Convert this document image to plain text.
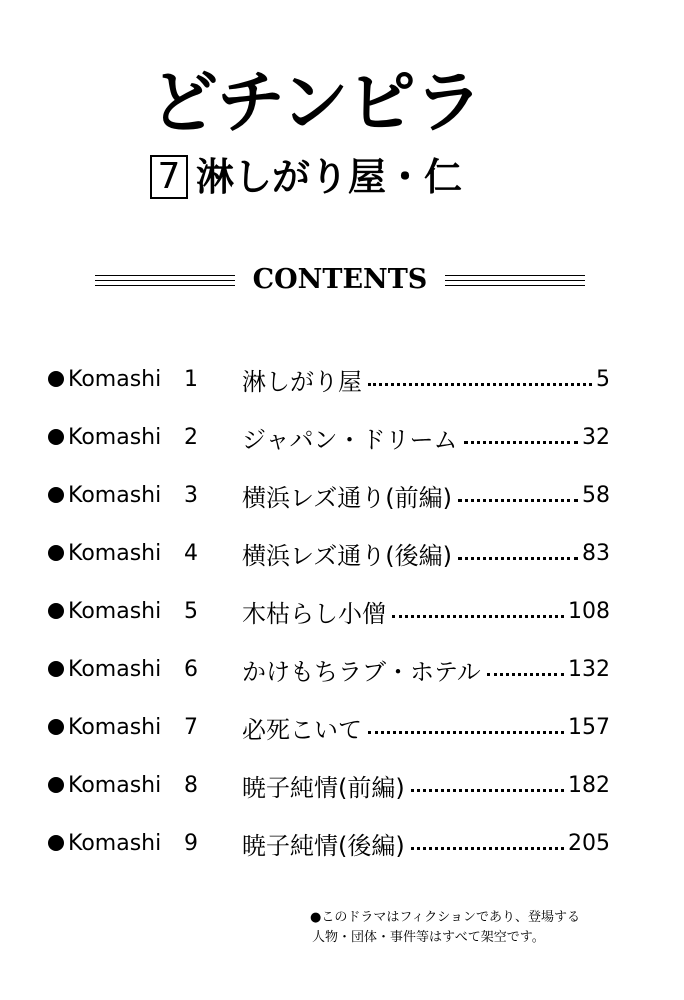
どチンピラ
7 淋しがり屋・仁
CONTENTS
Komashi	1	淋しがり屋	5
Komashi	2	ジャパン・ドリーム	32
Komashi	3	横浜レズ通り(前編)	58
Komashi	4	横浜レズ通り(後編)	83
Komashi	5	木枯らし小僧	108
Komashi	6	かけもちラブ・ホテル	132
Komashi	7	必死こいて	157
Komashi	8	暁子純情(前編)	182
Komashi	9	暁子純情(後編)	205
●このドラマはフィクションであり、登場する
人物・団体・事件等はすべて架空です。
